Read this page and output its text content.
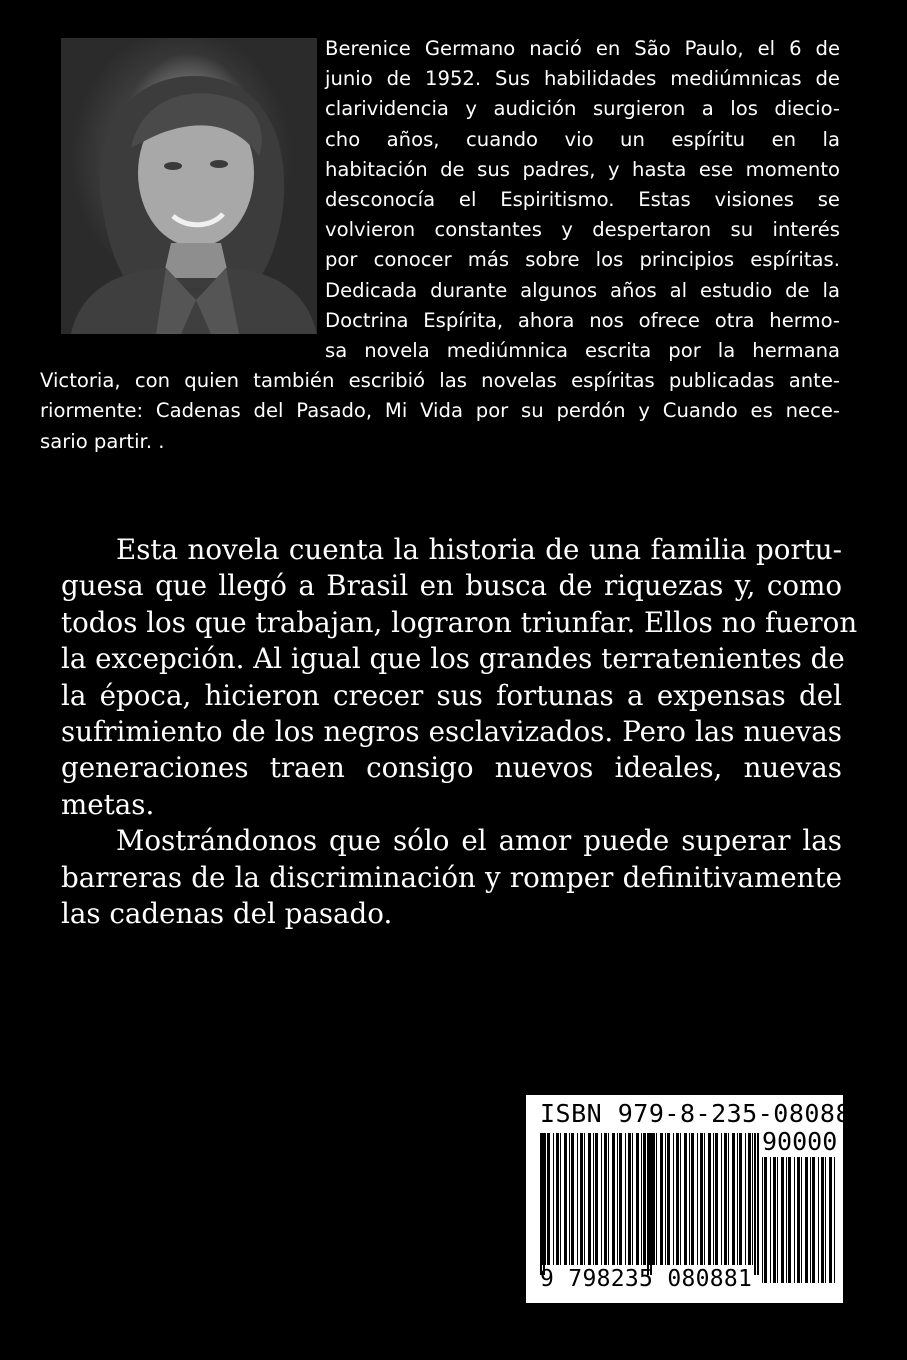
Berenice Germano nació en São Paulo, el 6 de
junio de 1952. Sus habilidades mediúmnicas de
clarividencia y audición surgieron a los diecio-
cho años, cuando vio un espíritu en la
habitación de sus padres, y hasta ese momento
desconocía el Espiritismo. Estas visiones se
volvieron constantes y despertaron su interés
por conocer más sobre los principios espíritas.
Dedicada durante algunos años al estudio de la
Doctrina Espírita, ahora nos ofrece otra hermo-
sa novela mediúmnica escrita por la hermana
Victoria, con quien también escribió las novelas espíritas publicadas ante-
riormente: Cadenas del Pasado, Mi Vida por su perdón y Cuando es nece-
sario partir. .
Esta novela cuenta la historia de una familia portu-
guesa que llegó a Brasil en busca de riquezas y, como
todos los que trabajan, lograron triunfar. Ellos no fueron
la excepción. Al igual que los grandes terratenientes de
la época, hicieron crecer sus fortunas a expensas del
sufrimiento de los negros esclavizados. Pero las nuevas
generaciones traen consigo nuevos ideales, nuevas
metas.
Mostrándonos que sólo el amor puede superar las
barreras de la discriminación y romper definitivamente
las cadenas del pasado.
ISBN 979-8-235-08088-1
90000
9 798235 080881
